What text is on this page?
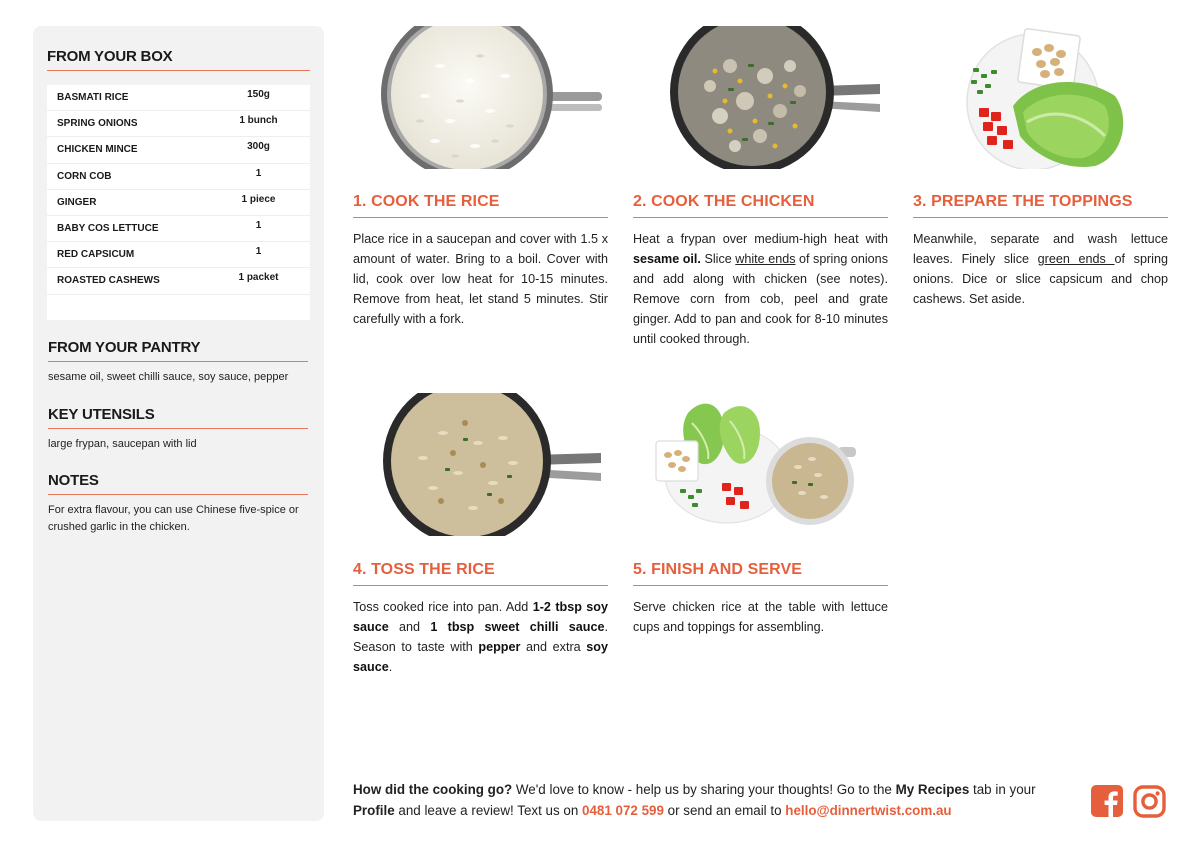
FROM YOUR BOX
BASMATI RICE	150g
SPRING ONIONS	1 bunch
CHICKEN MINCE	300g
CORN COB	1
GINGER	1 piece
BABY COS LETTUCE	1
RED CAPSICUM	1
ROASTED CASHEWS	1 packet
FROM YOUR PANTRY
sesame oil, sweet chilli sauce, soy sauce, pepper
KEY UTENSILS
large frypan, saucepan with lid
NOTES
For extra flavour, you can use Chinese five-spice or crushed garlic in the chicken.
1. COOK THE RICE
Place rice in a saucepan and cover with 1.5 x amount of water. Bring to a boil. Cover with lid, cook over low heat for 10-15 minutes. Remove from heat, let stand 5 minutes. Stir carefully with a fork.
2. COOK THE CHICKEN
Heat a frypan over medium-high heat with sesame oil. Slice white ends of spring onions and add along with chicken (see notes). Remove corn from cob, peel and grate ginger. Add to pan and cook for 8-10 minutes until cooked through.
3. PREPARE THE TOPPINGS
Meanwhile, separate and wash lettuce leaves. Finely slice green ends of spring onions. Dice or slice capsicum and chop cashews. Set aside.
4. TOSS THE RICE
Toss cooked rice into pan. Add 1-2 tbsp soy sauce and 1 tbsp sweet chilli sauce. Season to taste with pepper and extra soy sauce.
5. FINISH AND SERVE
Serve chicken rice at the table with lettuce cups and toppings for assembling.
How did the cooking go? We'd love to know - help us by sharing your thoughts! Go to the My Recipes tab in your Profile and leave a review! Text us on 0481 072 599 or send an email to hello@dinnertwist.com.au
